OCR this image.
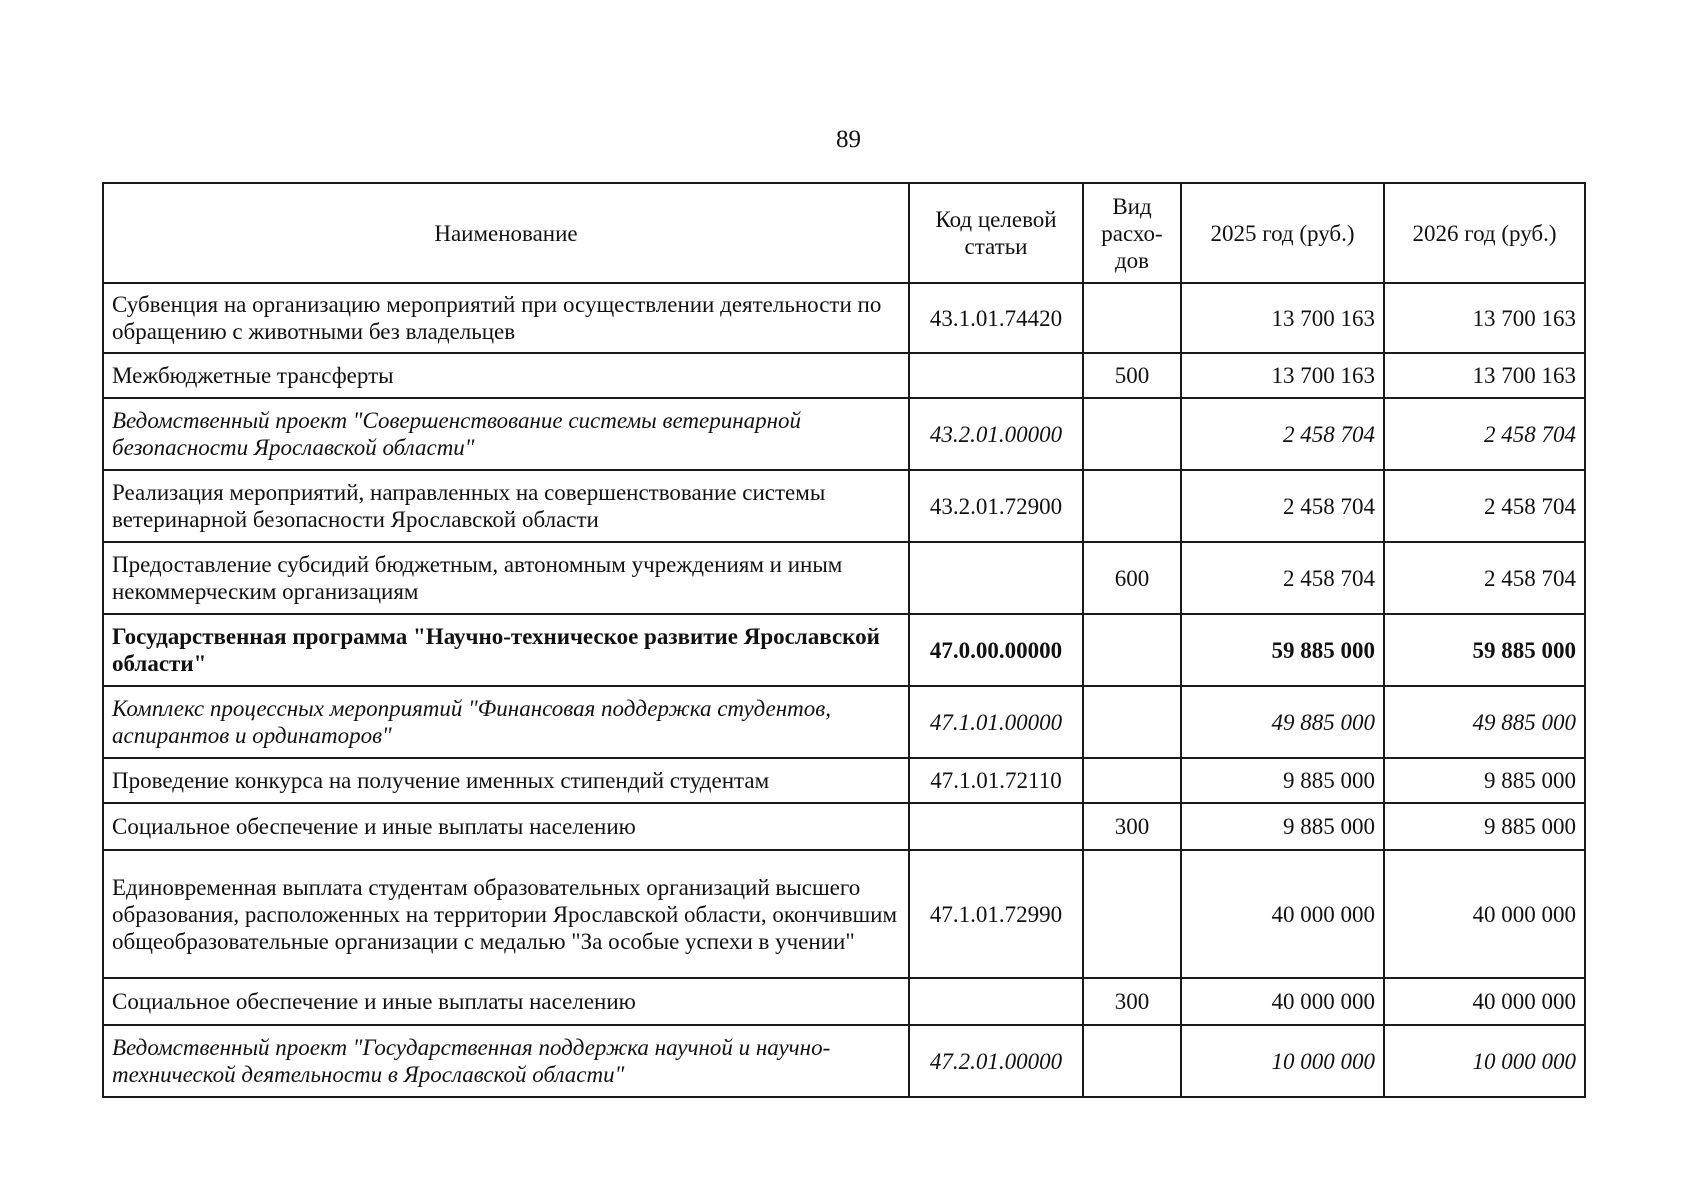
89
Наименование	Код целевой статьи	Вид расхо-дов	2025 год (руб.)	2026 год (руб.)
Субвенция на организацию мероприятий при осуществлении деятельности по обращению с животными без владельцев	43.1.01.74420		13 700 163	13 700 163
Межбюджетные трансферты		500	13 700 163	13 700 163
Ведомственный проект "Совершенствование системы ветеринарной безопасности Ярославской области"	43.2.01.00000		2 458 704	2 458 704
Реализация мероприятий, направленных на совершенствование системы ветеринарной безопасности Ярославской области	43.2.01.72900		2 458 704	2 458 704
Предоставление субсидий бюджетным, автономным учреждениям и иным некоммерческим организациям		600	2 458 704	2 458 704
Государственная программа "Научно-техническое развитие Ярославской области"	47.0.00.00000		59 885 000	59 885 000
Комплекс процессных мероприятий "Финансовая поддержка студентов, аспирантов и ординаторов"	47.1.01.00000		49 885 000	49 885 000
Проведение конкурса на получение именных стипендий студентам	47.1.01.72110		9 885 000	9 885 000
Социальное обеспечение и иные выплаты населению		300	9 885 000	9 885 000
Единовременная выплата студентам образовательных организаций высшего образования, расположенных на территории Ярославской области, окончившим общеобразовательные организации с медалью "За особые успехи в учении"	47.1.01.72990		40 000 000	40 000 000
Социальное обеспечение и иные выплаты населению		300	40 000 000	40 000 000
Ведомственный проект "Государственная поддержка научной и научно-технической деятельности в Ярославской области"	47.2.01.00000		10 000 000	10 000 000
